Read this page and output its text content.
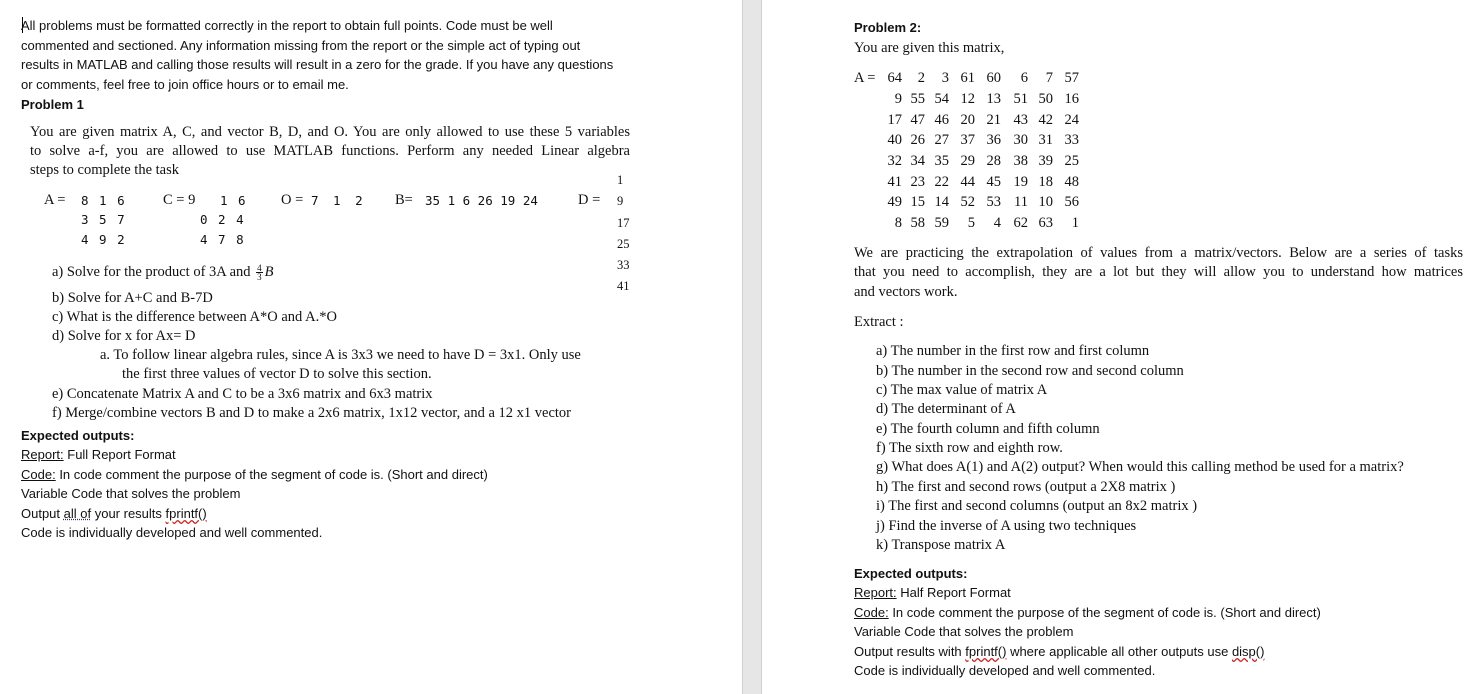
All problems must be formatted correctly in the report to obtain full points. Code must be well
commented and sectioned. Any information missing from the report or the simple act of typing out
results in MATLAB and calling those results will result in a zero for the grade. If you have any questions
or comments, feel free to join office hours or to email me.
Problem 1
You are given matrix A, C, and vector B, D, and O. You are only allowed to use these 5 variables
to solve a-f, you are allowed to use MATLAB functions. Perform any needed Linear algebra
steps to complete the task
A = 8 1 6
3 5 7
4 9 2
C = 9 1 6
0 2 4
4 7 8
O = 7 1 2 B= 35 1 6 26 19 24	D =
1
9
17
25
33
41
a) Solve for the product of 3A and $\frac{4}{3}$ B
b) Solve for A+C and B-7D
c) What is the difference between A*O and A.*O
d) Solve for x for Ax= D
a. To follow linear algebra rules, since A is 3x3 we need to have D = 3x1. Only use
the first three values of vector D to solve this section.
e) Concatenate Matrix A and C to be a 3x6 matrix and 6x3 matrix
f) Merge/combine vectors B and D to make a 2x6 matrix, 1x12 vector, and a 12 x1 vector
Expected outputs:
Report: Full Report Format
Code: In code comment the purpose of the segment of code is. (Short and direct)
Variable Code that solves the problem
Output all of your results fprintf()
Code is individually developed and well commented.
Problem 2:
You are given this matrix,
A = 64 2 3 61 60 6 7 57
9 55 54 12 13 51 50 16
17 47 46 20 21 43 42 24
40 26 27 37 36 30 31 33
32 34 35 29 28 38 39 25
41 23 22 44 45 19 18 48
49 15 14 52 53 11 10 56
8 58 59 5 4 62 63 1
We are practicing the extrapolation of values from a matrix/vectors. Below are a series of tasks
that you need to accomplish, they are a lot but they will allow you to understand how matrices
and vectors work.
Extract :
a) The number in the first row and first column
b) The number in the second row and second column
c) The max value of matrix A
d) The determinant of A
e) The fourth column and fifth column
f) The sixth row and eighth row.
g) What does A(1) and A(2) output? When would this calling method be used for a matrix?
h) The first and second rows (output a 2X8 matrix )
i) The first and second columns (output an 8x2 matrix )
j) Find the inverse of A using two techniques
k) Transpose matrix A
Expected outputs:
Report: Half Report Format
Code: In code comment the purpose of the segment of code is. (Short and direct)
Variable Code that solves the problem
Output results with fprintf() where applicable all other outputs use disp()
Code is individually developed and well commented.
